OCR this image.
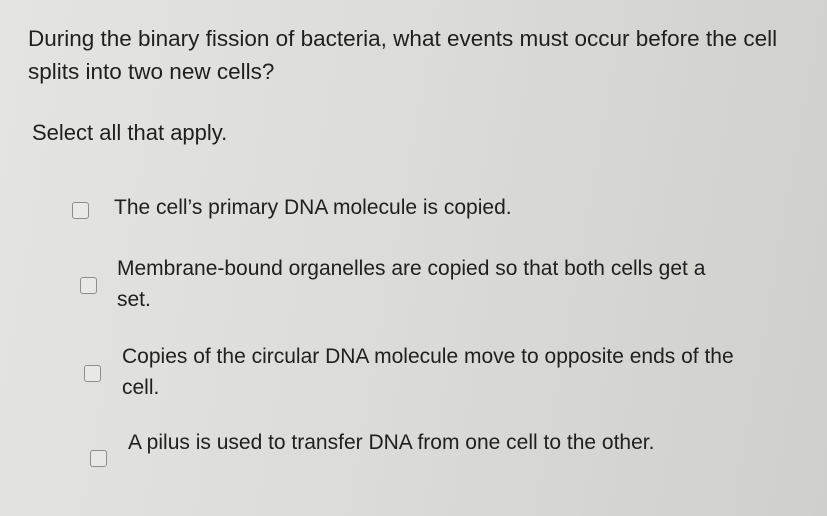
During the binary fission of bacteria, what events must occur before the cell splits into two new cells?

Select all that apply.

The cell’s primary DNA molecule is copied.
Membrane-bound organelles are copied so that both cells get a set.
Copies of the circular DNA molecule move to opposite ends of the cell.
A pilus is used to transfer DNA from one cell to the other.
